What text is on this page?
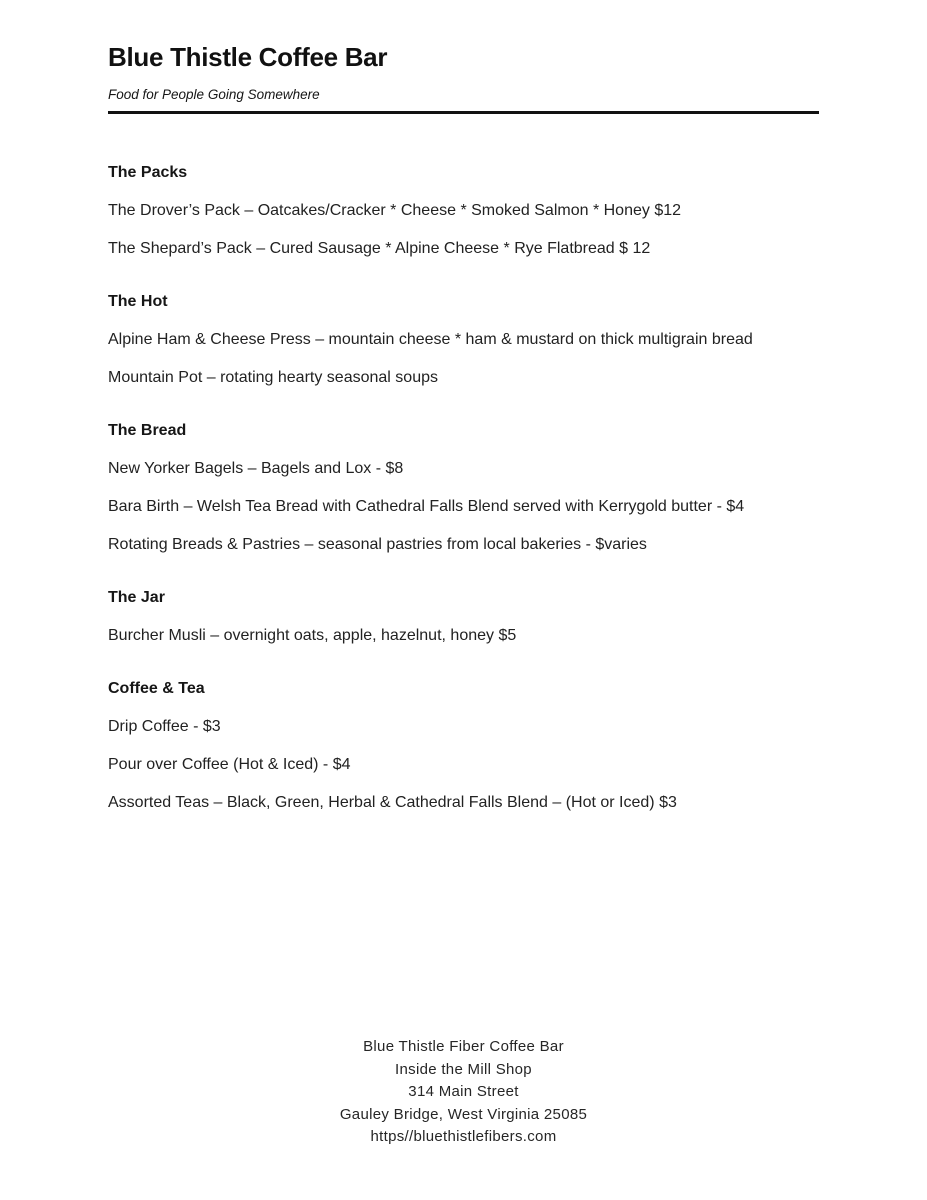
Blue Thistle Coffee Bar

Food for People Going Somewhere

The Packs

The Drover’s Pack – Oatcakes/Cracker * Cheese * Smoked Salmon * Honey $12

The Shepard’s Pack – Cured Sausage * Alpine Cheese * Rye Flatbread $ 12

The Hot

Alpine Ham & Cheese Press – mountain cheese * ham & mustard on thick multigrain bread

Mountain Pot – rotating hearty seasonal soups

The Bread

New Yorker Bagels – Bagels and Lox - $8

Bara Birth – Welsh Tea Bread with Cathedral Falls Blend served with Kerrygold butter - $4

Rotating Breads & Pastries – seasonal pastries from local bakeries - $varies

The Jar

Burcher Musli – overnight oats, apple, hazelnut, honey $5

Coffee & Tea

Drip Coffee - $3

Pour over Coffee (Hot & Iced) - $4

Assorted Teas – Black, Green, Herbal & Cathedral Falls Blend – (Hot or Iced) $3

Blue Thistle Fiber Coffee Bar

Inside the Mill Shop

314 Main Street

Gauley Bridge, West Virginia 25085

https//bluethistlefibers.com
